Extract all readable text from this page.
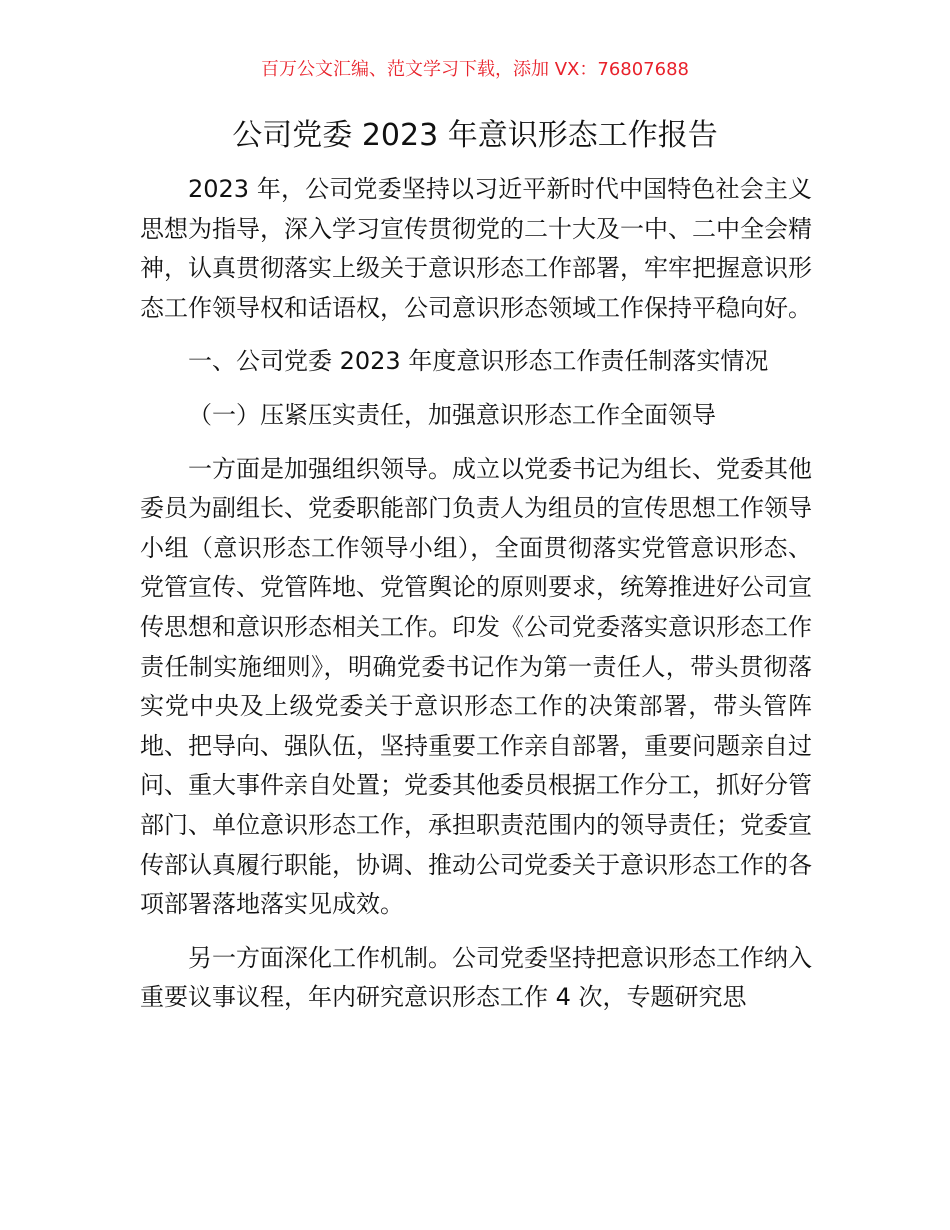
百万公文汇编、范文学习下载，添加 VX：76807688
公司党委 2023 年意识形态工作报告

2023 年，公司党委坚持以习近平新时代中国特色社会主义思想为指导，深入学习宣传贯彻党的二十大及一中、二中全会精神，认真贯彻落实上级关于意识形态工作部署，牢牢把握意识形态工作领导权和话语权，公司意识形态领域工作保持平稳向好。

一、公司党委 2023 年度意识形态工作责任制落实情况

（一）压紧压实责任，加强意识形态工作全面领导

一方面是加强组织领导。成立以党委书记为组长、党委其他委员为副组长、党委职能部门负责人为组员的宣传思想工作领导小组（意识形态工作领导小组），全面贯彻落实党管意识形态、党管宣传、党管阵地、党管舆论的原则要求，统筹推进好公司宣传思想和意识形态相关工作。印发《公司党委落实意识形态工作责任制实施细则》，明确党委书记作为第一责任人，带头贯彻落实党中央及上级党委关于意识形态工作的决策部署，带头管阵地、把导向、强队伍，坚持重要工作亲自部署，重要问题亲自过问、重大事件亲自处置；党委其他委员根据工作分工，抓好分管部门、单位意识形态工作，承担职责范围内的领导责任；党委宣传部认真履行职能，协调、推动公司党委关于意识形态工作的各项部署落地落实见成效。

另一方面深化工作机制。公司党委坚持把意识形态工作纳入重要议事议程，年内研究意识形态工作 4 次，专题研究思
